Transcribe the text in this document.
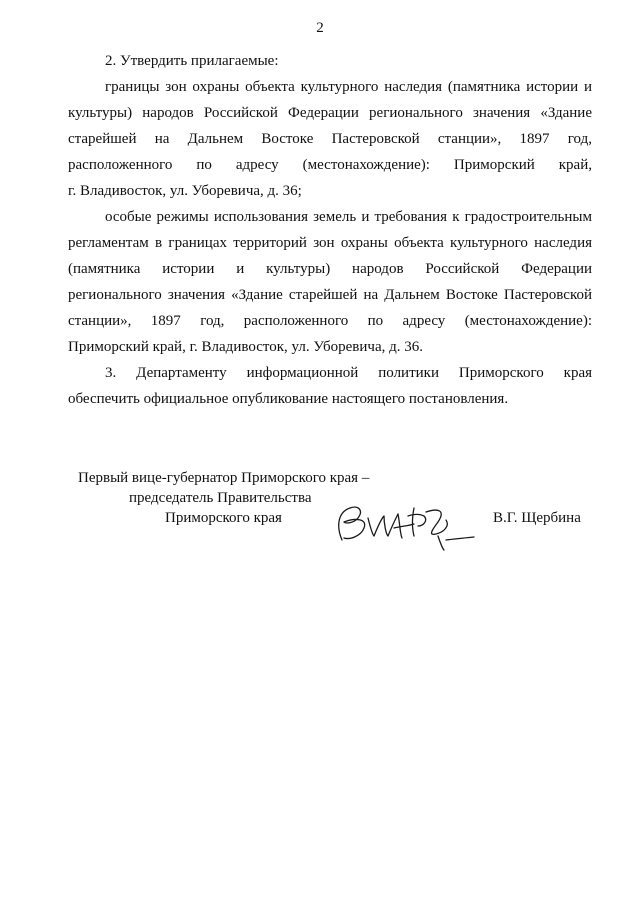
2
2. Утвердить прилагаемые:
границы зон охраны объекта культурного наследия (памятника истории и
культуры) народов Российской Федерации регионального значения «Здание
старейшей на Дальнем Востоке Пастеровской станции», 1897 год,
расположенного по адресу (местонахождение): Приморский край,
г. Владивосток, ул. Уборевича, д. 36;
особые режимы использования земель и требования к градостроительным
регламентам в границах территорий зон охраны объекта культурного наследия
(памятника истории и культуры) народов Российской Федерации
регионального значения «Здание старейшей на Дальнем Востоке Пастеровской
станции», 1897 год, расположенного по адресу (местонахождение):
Приморский край, г. Владивосток, ул. Уборевича, д. 36.
3. Департаменту информационной политики Приморского края
обеспечить официальное опубликование настоящего постановления.
Первый вице-губернатор Приморского края –
председатель Правительства
Приморского края	В.Г. Щербина
